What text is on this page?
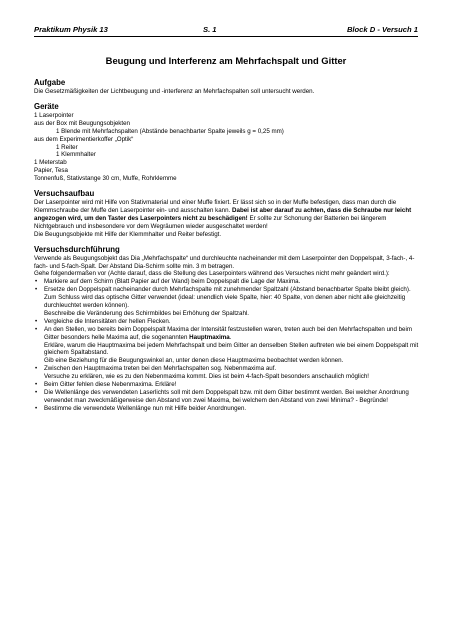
Praktikum Physik 13	S. 1	Block D - Versuch 1
Beugung und Interferenz am Mehrfachspalt und Gitter

Aufgabe

Die Gesetzmäßigkeiten der Lichtbeugung und -interferenz an Mehrfachspalten soll untersucht werden.

Geräte

1 Laserpointer
aus der Box mit Beugungsobjekten
1 Blende mit Mehrfachspalten (Abstände benachbarter Spalte jeweils g = 0,25 mm)
aus dem Experimentierkoffer „Optik“
1 Reiter
1 Klemmhalter
1 Meterstab
Papier, Tesa
Tonnenfuß, Stativstange 30 cm, Muffe, Rohrklemme

Versuchsaufbau

Der Laserpointer wird mit Hilfe von Stativmaterial und einer Muffe fixiert. Er lässt sich so in der Muffe befestigen, dass man durch die Klemmschraube der Muffe den Laserpointer ein- und ausschalten kann. Dabei ist aber darauf zu achten, dass die Schraube nur leicht angezogen wird, um den Taster des Laserpointers nicht zu beschädigen! Er sollte zur Schonung der Batterien bei längerem Nichtgebrauch und insbesondere vor dem Wegräumen wieder ausgeschaltet werden!

Die Beugungsobjekte mit Hilfe der Klemmhalter und Reiter befestigt.

Versuchsdurchführung

Verwende als Beugungsobjekt das Dia „Mehrfachspalte“ und durchleuchte nacheinander mit dem Laserpointer den Doppelspalt, 3-fach-, 4-fach- und 5-fach-Spalt. Der Abstand Dia-Schirm sollte min. 3 m betragen.

Gehe folgendermaßen vor (Achte darauf, dass die Stellung des Laserpointers während des Versuches nicht mehr geändert wird.):

• Markiere auf dem Schirm (Blatt Papier auf der Wand) beim Doppelspalt die Lage der Maxima.
• Ersetze den Doppelspalt nacheinander durch Mehrfachspalte mit zunehmender Spaltzahl (Abstand benachbarter Spalte bleibt gleich). Zum Schluss wird das optische Gitter verwendet (ideal: unendlich viele Spalte, hier: 40 Spalte, von denen aber nicht alle gleichzeitig durchleuchtet werden können).
Beschreibe die Veränderung des Schirmbildes bei Erhöhung der Spaltzahl.
• Vergleiche die Intensitäten der hellen Flecken.
• An den Stellen, wo bereits beim Doppelspalt Maxima der Intensität festzustellen waren, treten auch bei den Mehrfachspalten und beim Gitter besonders helle Maxima auf, die sogenannten Hauptmaxima.
Erkläre, warum die Hauptmaxima bei jedem Mehrfachspalt und beim Gitter an denselben Stellen auftreten wie bei einem Doppelspalt mit gleichem Spaltabstand.
Gib eine Beziehung für die Beugungswinkel an, unter denen diese Hauptmaxima beobachtet werden können.
• Zwischen den Hauptmaxima treten bei den Mehrfachspalten sog. Nebenmaxima auf.
Versuche zu erklären, wie es zu den Nebenmaxima kommt. Dies ist beim 4-fach-Spalt besonders anschaulich möglich!
• Beim Gitter fehlen diese Nebenmaxima. Erkläre!
• Die Wellenlänge des verwendeten Laserlichts soll mit dem Doppelspalt bzw. mit dem Gitter bestimmt werden. Bei welcher Anordnung verwendet man zweckmäßigerweise den Abstand von zwei Maxima, bei welchem den Abstand von zwei Minima? - Begründe!
• Bestimme die verwendete Wellenlänge nun mit Hilfe beider Anordnungen.
